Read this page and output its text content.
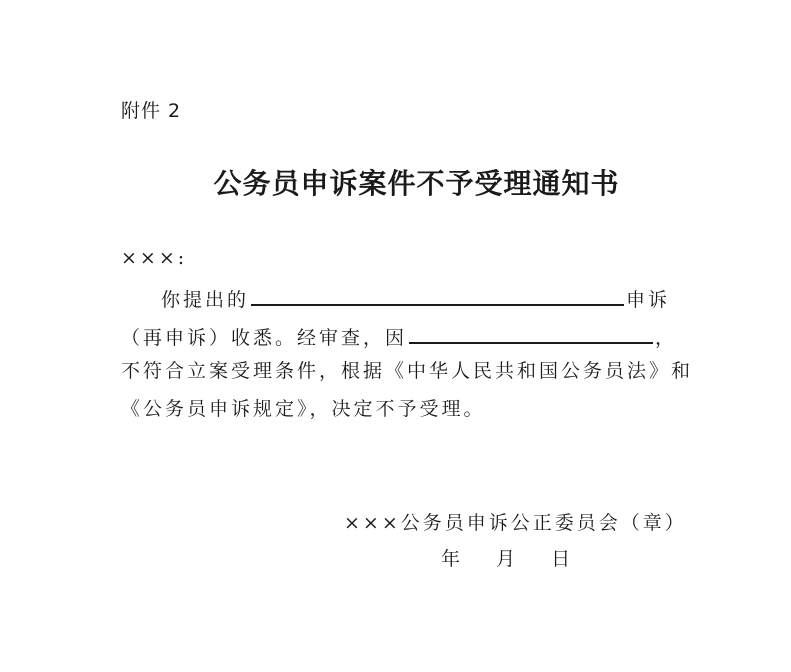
附件 2
公务员申诉案件不予受理通知书
×××:
你提出的	申诉
（再申诉）收悉。经审查，因	，
不符合立案受理条件，根据《中华人民共和国公务员法》和
《公务员申诉规定》，决定不予受理。
×××公务员申诉公正委员会（章）
年 月 日
